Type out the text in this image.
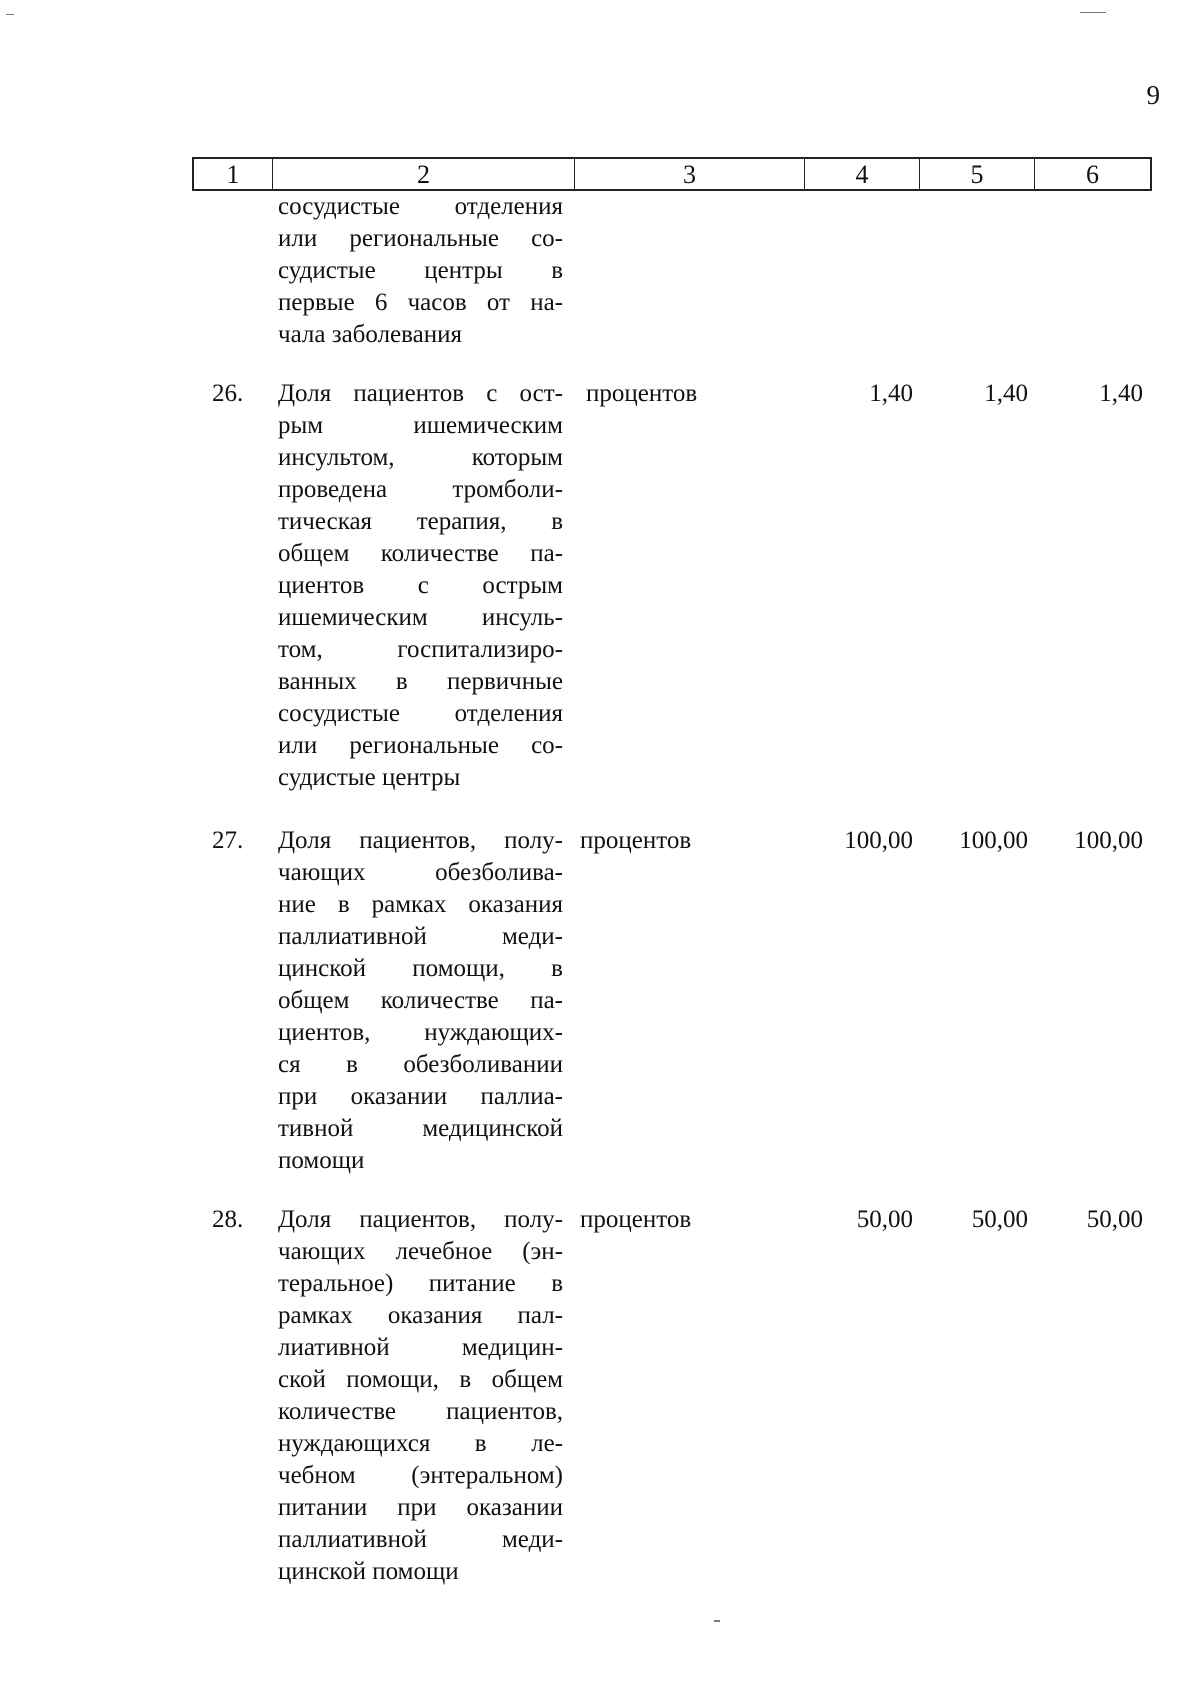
9
1	2	3	4	5	6
сосудистые отделения
или региональные со-
судистые центры в
первые 6 часов от на-
чала заболевания
26. Доля пациентов с ост-
рым ишемическим
инсультом, которым
проведена тромболи-
тическая терапия, в
общем количестве па-
циентов с острым
ишемическим инсуль-
том, госпитализиро-
ванных в первичные
сосудистые отделения
или региональные со-
судистые центры
процентов	1,40	1,40	1,40
27. Доля пациентов, полу-
чающих обезболива-
ние в рамках оказания
паллиативной меди-
цинской помощи, в
общем количестве па-
циентов, нуждающих-
ся в обезболивании
при оказании паллиа-
тивной медицинской
помощи
процентов	100,00	100,00	100,00
28. Доля пациентов, полу-
чающих лечебное (эн-
теральное) питание в
рамках оказания пал-
лиативной медицин-
ской помощи, в общем
количестве пациентов,
нуждающихся в ле-
чебном (энтеральном)
питании при оказании
паллиативной меди-
цинской помощи
процентов	50,00	50,00	50,00
